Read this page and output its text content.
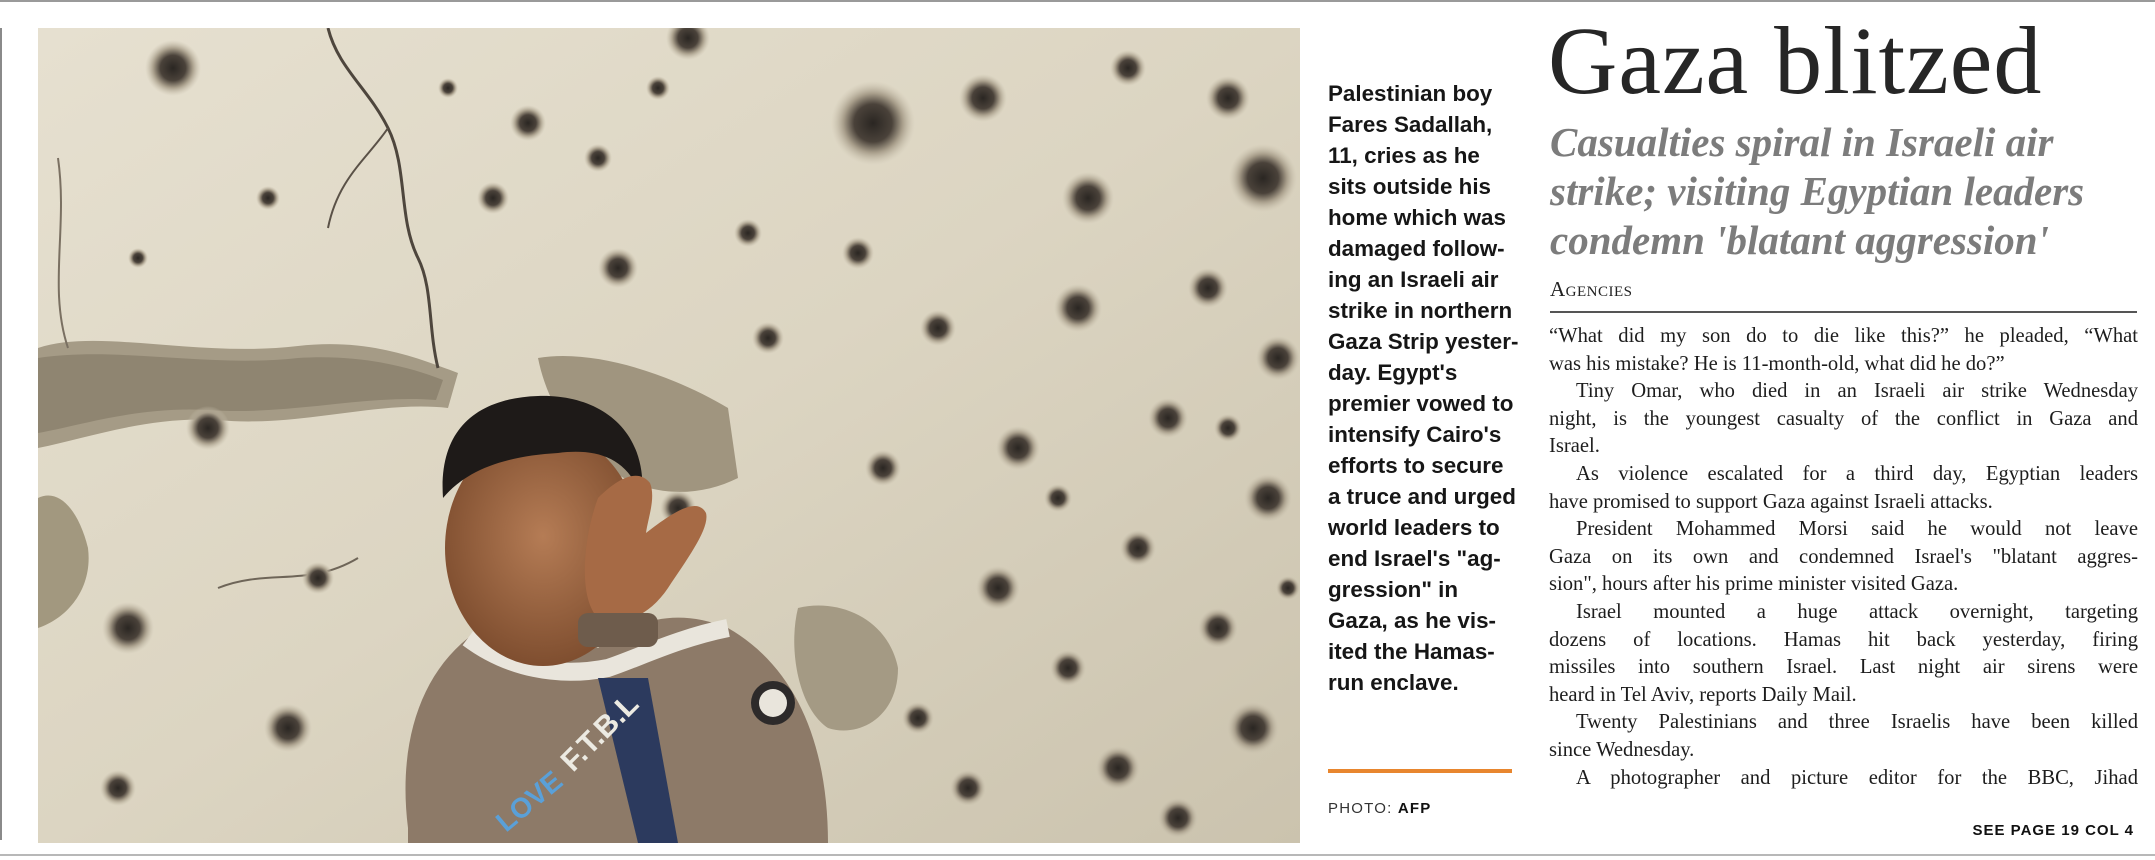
LOVE
F.T.B.L
Palestinian boy
Fares Sadallah,
11, cries as he
sits outside his
home which was
damaged follow-
ing an Israeli air
strike in northern
Gaza Strip yester-
day. Egypt's
premier vowed to
intensify Cairo's
efforts to secure
a truce and urged
world leaders to
end Israel's "ag-
gression" in
Gaza, as he vis-
ited the Hamas-
run enclave.
PHOTO: AFP
Gaza blitzed
Casualties spiral in Israeli air
strike; visiting Egyptian leaders
condemn 'blatant aggression'
Agencies
“What did my son do to die like this?” he pleaded, “What
was his mistake? He is 11-month-old, what did he do?”
Tiny Omar, who died in an Israeli air strike Wednesday
night, is the youngest casualty of the conflict in Gaza and
Israel.
As violence escalated for a third day, Egyptian leaders
have promised to support Gaza against Israeli attacks.
President Mohammed Morsi said he would not leave
Gaza on its own and condemned Israel's "blatant aggres-
sion", hours after his prime minister visited Gaza.
Israel mounted a huge attack overnight, targeting
dozens of locations. Hamas hit back yesterday, firing
missiles into southern Israel. Last night air sirens were
heard in Tel Aviv, reports Daily Mail.
Twenty Palestinians and three Israelis have been killed
since Wednesday.
A photographer and picture editor for the BBC, Jihad
SEE PAGE 19 COL 4
